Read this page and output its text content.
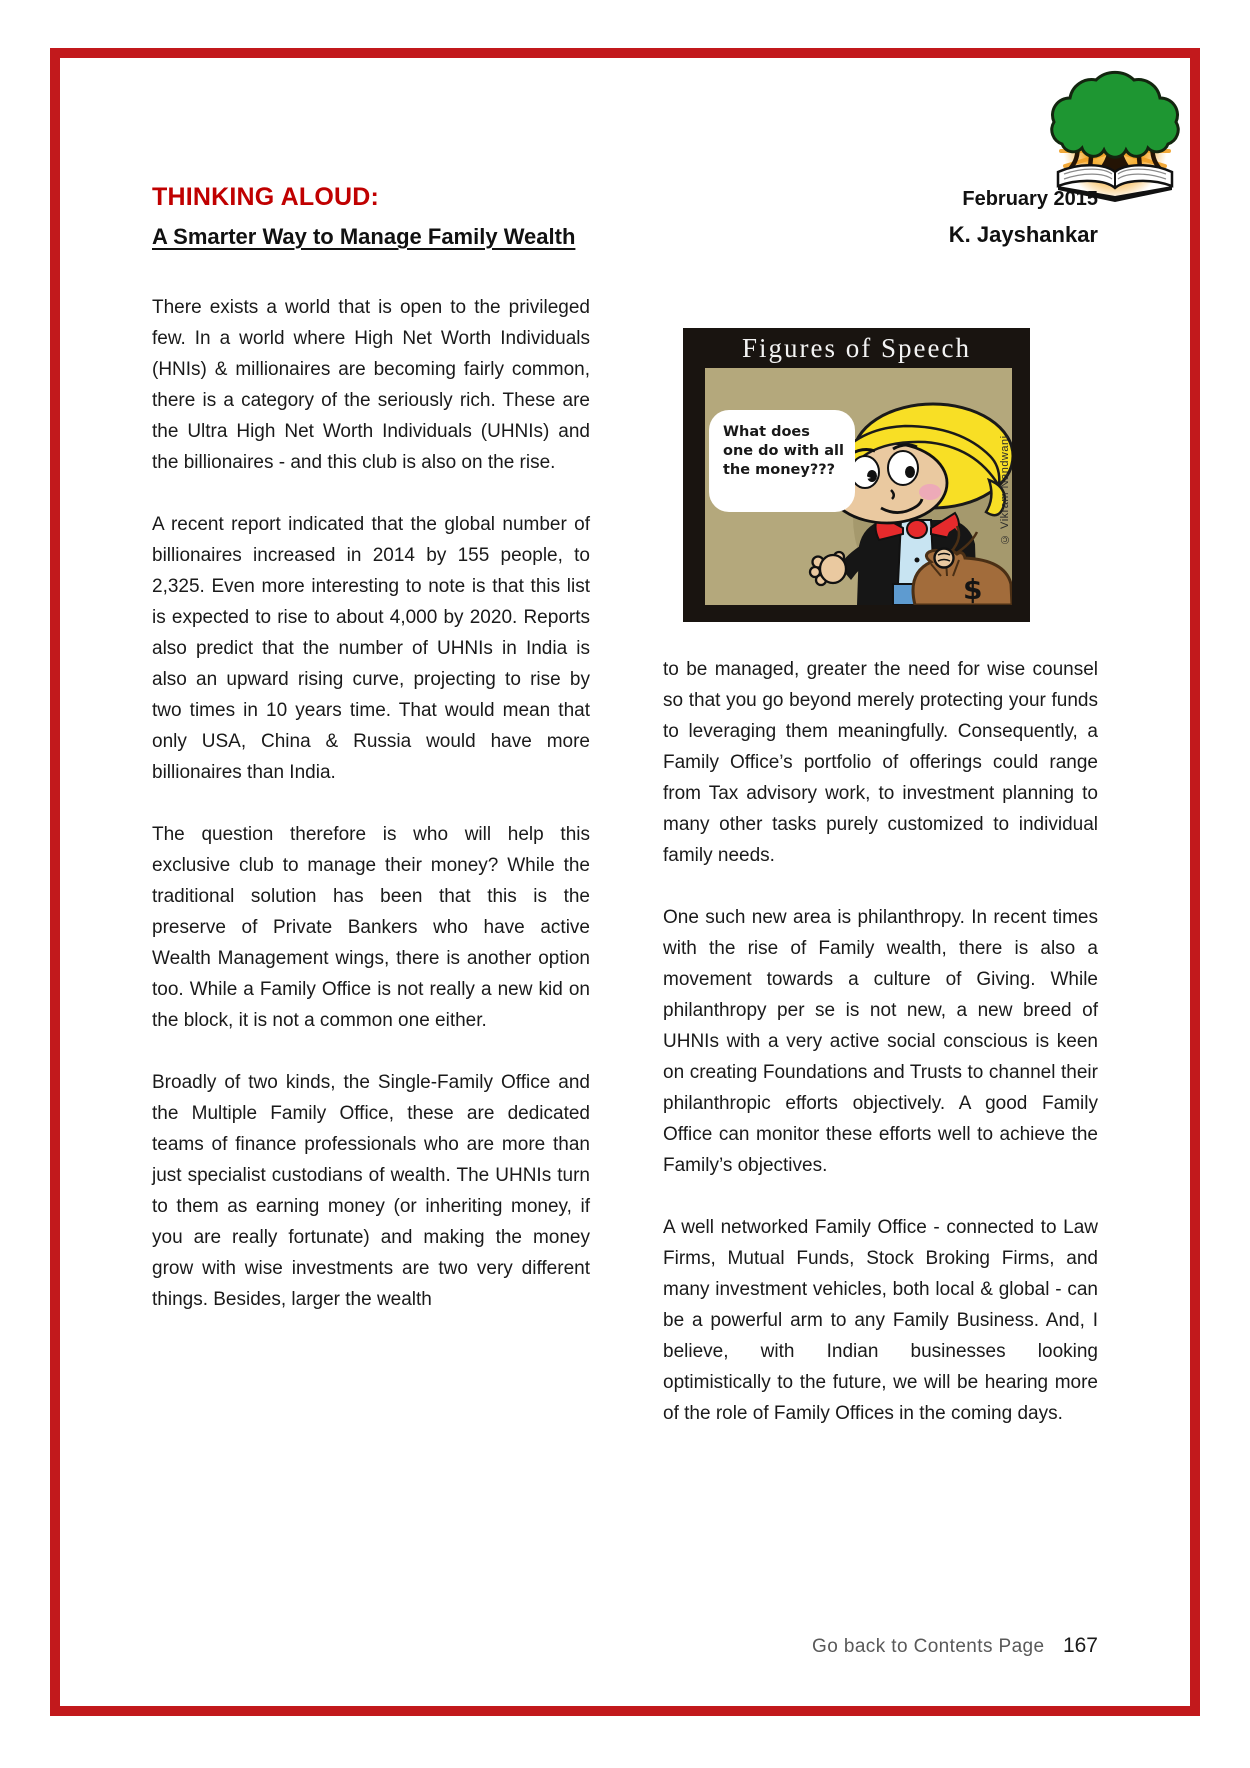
THINKING ALOUD:
A Smarter Way to Manage Family Wealth
February 2015
K. Jayshankar

There exists a world that is open to the privileged few. In a world where High Net Worth Individuals (HNIs) & millionaires are becoming fairly common, there is a category of the seriously rich. These are the Ultra High Net Worth Individuals (UHNIs) and the billionaires - and this club is also on the rise.

A recent report indicated that the global number of billionaires increased in 2014 by 155 people, to 2,325. Even more interesting to note is that this list is expected to rise to about 4,000 by 2020. Reports also predict that the number of UHNIs in India is also an upward rising curve, projecting to rise by two times in 10 years time. That would mean that only USA, China & Russia would have more billionaires than India.

The question therefore is who will help this exclusive club to manage their money? While the traditional solution has been that this is the preserve of Private Bankers who have active Wealth Management wings, there is another option too. While a Family Office is not really a new kid on the block, it is not a common one either.

Broadly of two kinds, the Single-Family Office and the Multiple Family Office, these are dedicated teams of finance professionals who are more than just specialist custodians of wealth. The UHNIs turn to them as earning money (or inheriting money, if you are really fortunate) and making the money grow with wise investments are two very different things. Besides, larger the wealth

Figures of Speech
$
What does one do with all the money???	© Vikram Nandwani

to be managed, greater the need for wise counsel so that you go beyond merely protecting your funds to leveraging them meaningfully. Consequently, a Family Office’s portfolio of offerings could range from Tax advisory work, to investment planning to many other tasks purely customized to individual family needs.

One such new area is philanthropy. In recent times with the rise of Family wealth, there is also a movement towards a culture of Giving. While philanthropy per se is not new, a new breed of UHNIs with a very active social conscious is keen on creating Foundations and Trusts to channel their philanthropic efforts objectively. A good Family Office can monitor these efforts well to achieve the Family’s objectives.

A well networked Family Office - connected to Law Firms, Mutual Funds, Stock Broking Firms, and many investment vehicles, both local & global - can be a powerful arm to any Family Business. And, I believe, with Indian businesses looking optimistically to the future, we will be hearing more of the role of Family Offices in the coming days.

Go back to Contents Page 167
